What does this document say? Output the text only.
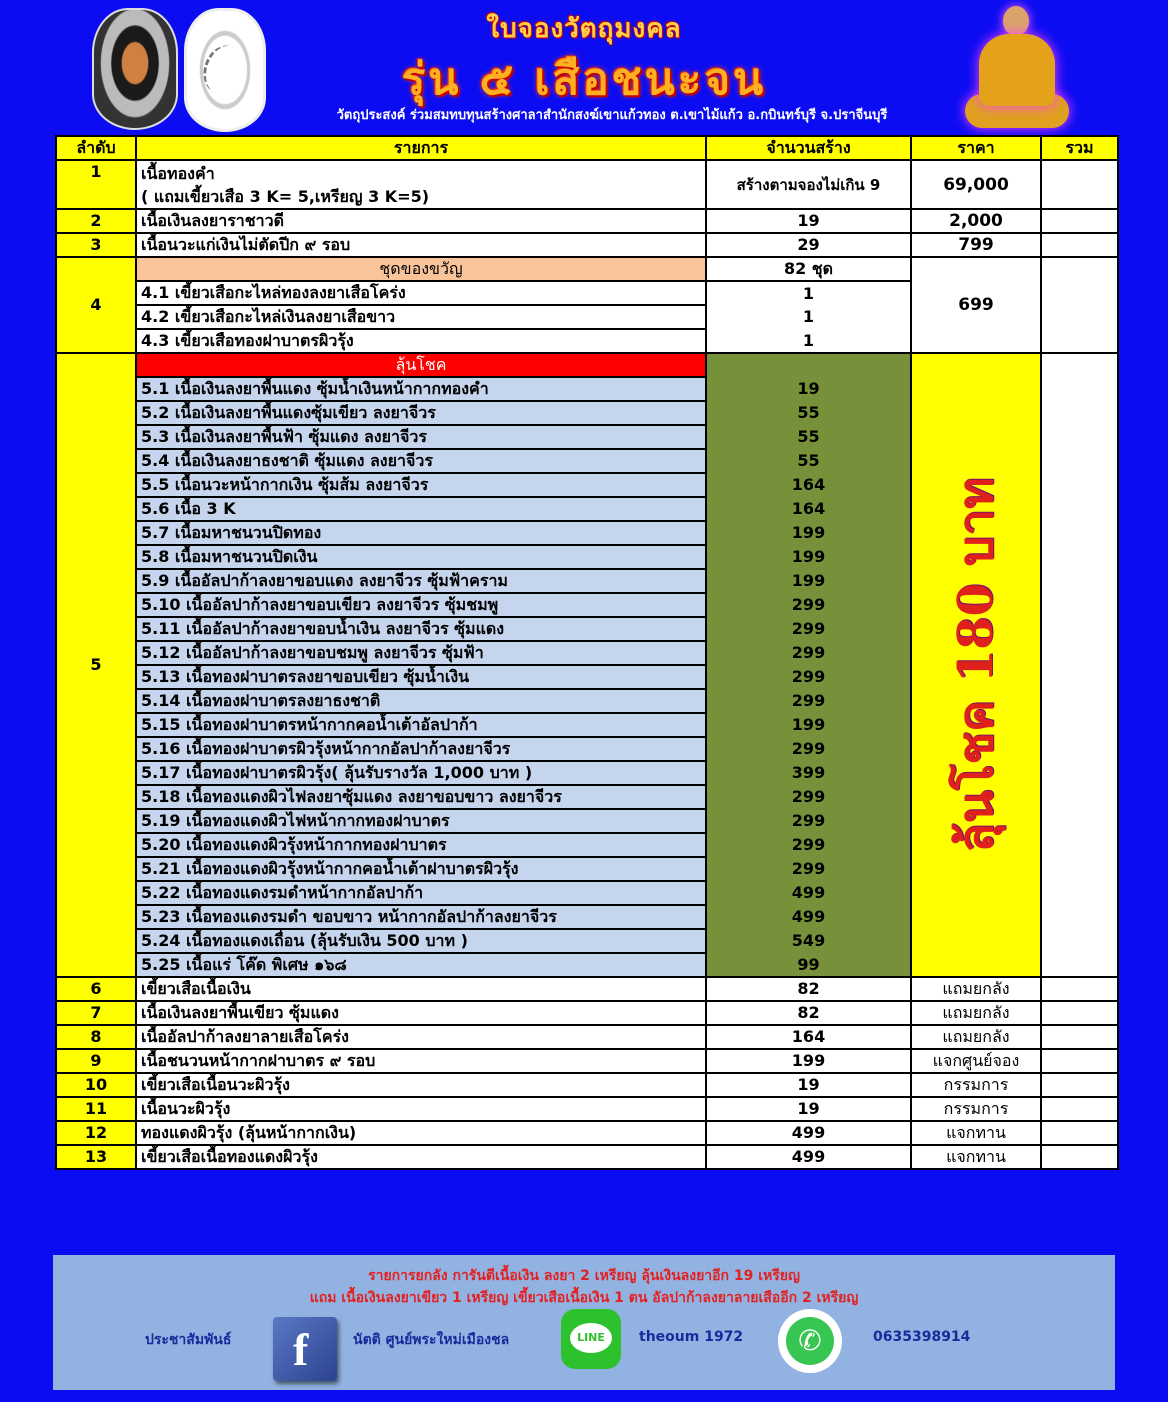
ใบจองวัตถุมงคล
รุ่น ๕ เสือชนะจน
วัตถุประสงค์ ร่วมสมทบทุนสร้างศาลาสำนักสงฆ์เขาแก้วทอง ต.เขาไม้แก้ว อ.กบินทร์บุรี จ.ปราจีนบุรี
ลำดับ	รายการ	จำนวนสร้าง	ราคา	รวม
1	เนื้อทองคำ
( แถมเขี้ยวเสือ 3 K= 5,เหรียญ 3 K=5)	สร้างตามจองไม่เกิน 9	69,000	
2	เนื้อเงินลงยาราชาวดี	19	2,000	
3	เนื้อนวะแก่เงินไม่ตัดปีก ๙ รอบ	29	799	
4	ชุดของขวัญ	82 ชุด	699	
	4.1 เขี้ยวเสือกะไหล่ทองลงยาเสือโคร่ง	1		
	4.2 เขี้ยวเสือกะไหล่เงินลงยาเสือขาว	1		
	4.3 เขี้ยวเสือทองฝาบาตรผิวรุ้ง	1		
5	ลุ้นโชค		ลุ้นโชค 180 บาท	

	5.1 เนื้อเงินลงยาพื้นแดง ซุ้มน้ำเงินหน้ากากทองคำ	19		
	5.2 เนื้อเงินลงยาพื้นแดงซุ้มเขียว ลงยาจีวร	55		
	5.3 เนื้อเงินลงยาพื้นฟ้า ซุ้มแดง ลงยาจีวร	55		
	5.4 เนื้อเงินลงยาธงชาติ ซุ้มแดง ลงยาจีวร	55		
	5.5 เนื้อนวะหน้ากากเงิน ซุ้มส้ม ลงยาจีวร	164		
	5.6 เนื้อ 3 K	164		
	5.7 เนื้อมหาชนวนปิดทอง	199		
	5.8 เนื้อมหาชนวนปิดเงิน	199		
	5.9 เนื้ออัลปาก้าลงยาขอบแดง ลงยาจีวร ซุ้มฟ้าคราม	199		
	5.10 เนื้ออัลปาก้าลงยาขอบเขียว ลงยาจีวร ซุ้มชมพู	299		
	5.11 เนื้ออัลปาก้าลงยาขอบน้ำเงิน ลงยาจีวร ซุ้มแดง	299		
	5.12 เนื้ออัลปาก้าลงยาขอบชมพู ลงยาจีวร ซุ้มฟ้า	299		
	5.13 เนื้อทองฝาบาตรลงยาขอบเขียว ซุ้มน้ำเงิน	299		
	5.14 เนื้อทองฝาบาตรลงยาธงชาติ	299		
	5.15 เนื้อทองฝาบาตรหน้ากากคอน้ำเต้าอัลปาก้า	199		
	5.16 เนื้อทองฝาบาตรผิวรุ้งหน้ากากอัลปาก้าลงยาจีวร	299		
	5.17 เนื้อทองฝาบาตรผิวรุ้ง( ลุ้นรับรางวัล 1,000 บาท )	399		
	5.18 เนื้อทองแดงผิวไฟลงยาซุ้มแดง ลงยาขอบขาว ลงยาจีวร	299		
	5.19 เนื้อทองแดงผิวไฟหน้ากากทองฝาบาตร	299		
	5.20 เนื้อทองแดงผิวรุ้งหน้ากากทองฝาบาตร	299		
	5.21 เนื้อทองแดงผิวรุ้งหน้ากากคอน้ำเต้าฝาบาตรผิวรุ้ง	299		
	5.22 เนื้อทองแดงรมดำหน้ากากอัลปาก้า	499		
	5.23 เนื้อทองแดงรมดำ ขอบขาว หน้ากากอัลปาก้าลงยาจีวร	499		
	5.24 เนื้อทองแดงเถื่อน (ลุ้นรับเงิน 500 บาท )	549		
	5.25 เนื้อแร่ โค๊ด พิเศษ ๑๖๘	99		
6	เขี้ยวเสือเนื้อเงิน	82	แถมยกลัง	
7	เนื้อเงินลงยาพื้นเขียว ซุ้มแดง	82	แถมยกลัง	
8	เนื้ออัลปาก้าลงยาลายเสือโคร่ง	164	แถมยกลัง	
9	เนื้อชนวนหน้ากากฝาบาตร ๙ รอบ	199	แจกศูนย์จอง	
10	เขี้ยวเสือเนื้อนวะผิวรุ้ง	19	กรรมการ	
11	เนื้อนวะผิวรุ้ง	19	กรรมการ	
12	ทองแดงผิวรุ้ง (ลุ้นหน้ากากเงิน)	499	แจกทาน	
13	เขี้ยวเสือเนื้อทองแดงผิวรุ้ง	499	แจกทาน	
รายการยกลัง การันตีเนื้อเงิน ลงยา 2 เหรียญ ลุ้นเงินลงยาอีก 19 เหรียญ
แถม เนื้อเงินลงยาเขียว 1 เหรียญ เขี้ยวเสือเนื้อเงิน 1 ตน อัลปาก้าลงยาลายเสืออีก 2 เหรียญ
ประชาสัมพันธ์ f	นัตติ ศูนย์พระใหม่เมืองชล	LINE	theoum 1972	✆	0635398914
